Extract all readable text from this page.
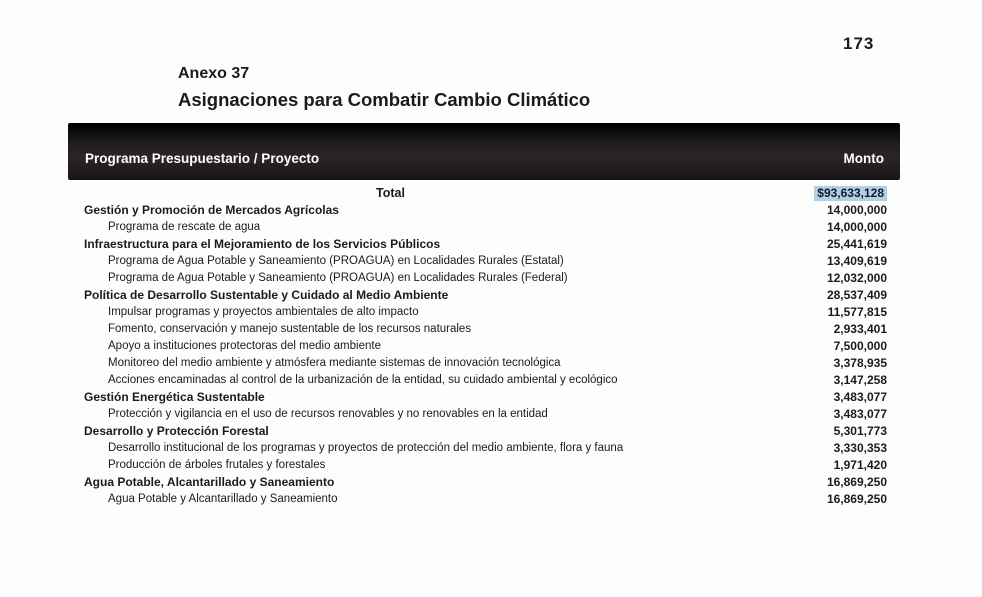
173
Anexo 37
Asignaciones para Combatir Cambio Climático
Programa Presupuestario / Proyecto	Monto
Total	$93,633,128
Gestión y Promoción de Mercados Agrícolas	14,000,000
Programa de rescate de agua	14,000,000
Infraestructura para el Mejoramiento de los Servicios Públicos	25,441,619
Programa de Agua Potable y Saneamiento (PROAGUA) en Localidades Rurales (Estatal)	13,409,619
Programa de Agua Potable y Saneamiento (PROAGUA) en Localidades Rurales (Federal)	12,032,000
Política de Desarrollo Sustentable y Cuidado al Medio Ambiente	28,537,409
Impulsar programas y proyectos ambientales de alto impacto	11,577,815
Fomento, conservación y manejo sustentable de los recursos naturales	2,933,401
Apoyo a instituciones protectoras del medio ambiente	7,500,000
Monitoreo del medio ambiente y atmósfera mediante sistemas de innovación tecnológica	3,378,935
Acciones encaminadas al control de la urbanización de la entidad, su cuidado ambiental y ecológico	3,147,258
Gestión Energética Sustentable	3,483,077
Protección y vigilancia en el uso de recursos renovables y no renovables en la entidad	3,483,077
Desarrollo y Protección Forestal	5,301,773
Desarrollo institucional de los programas y proyectos de protección del medio ambiente, flora y fauna	3,330,353
Producción de árboles frutales y forestales	1,971,420
Agua Potable, Alcantarillado y Saneamiento	16,869,250
Agua Potable y Alcantarillado y Saneamiento	16,869,250
